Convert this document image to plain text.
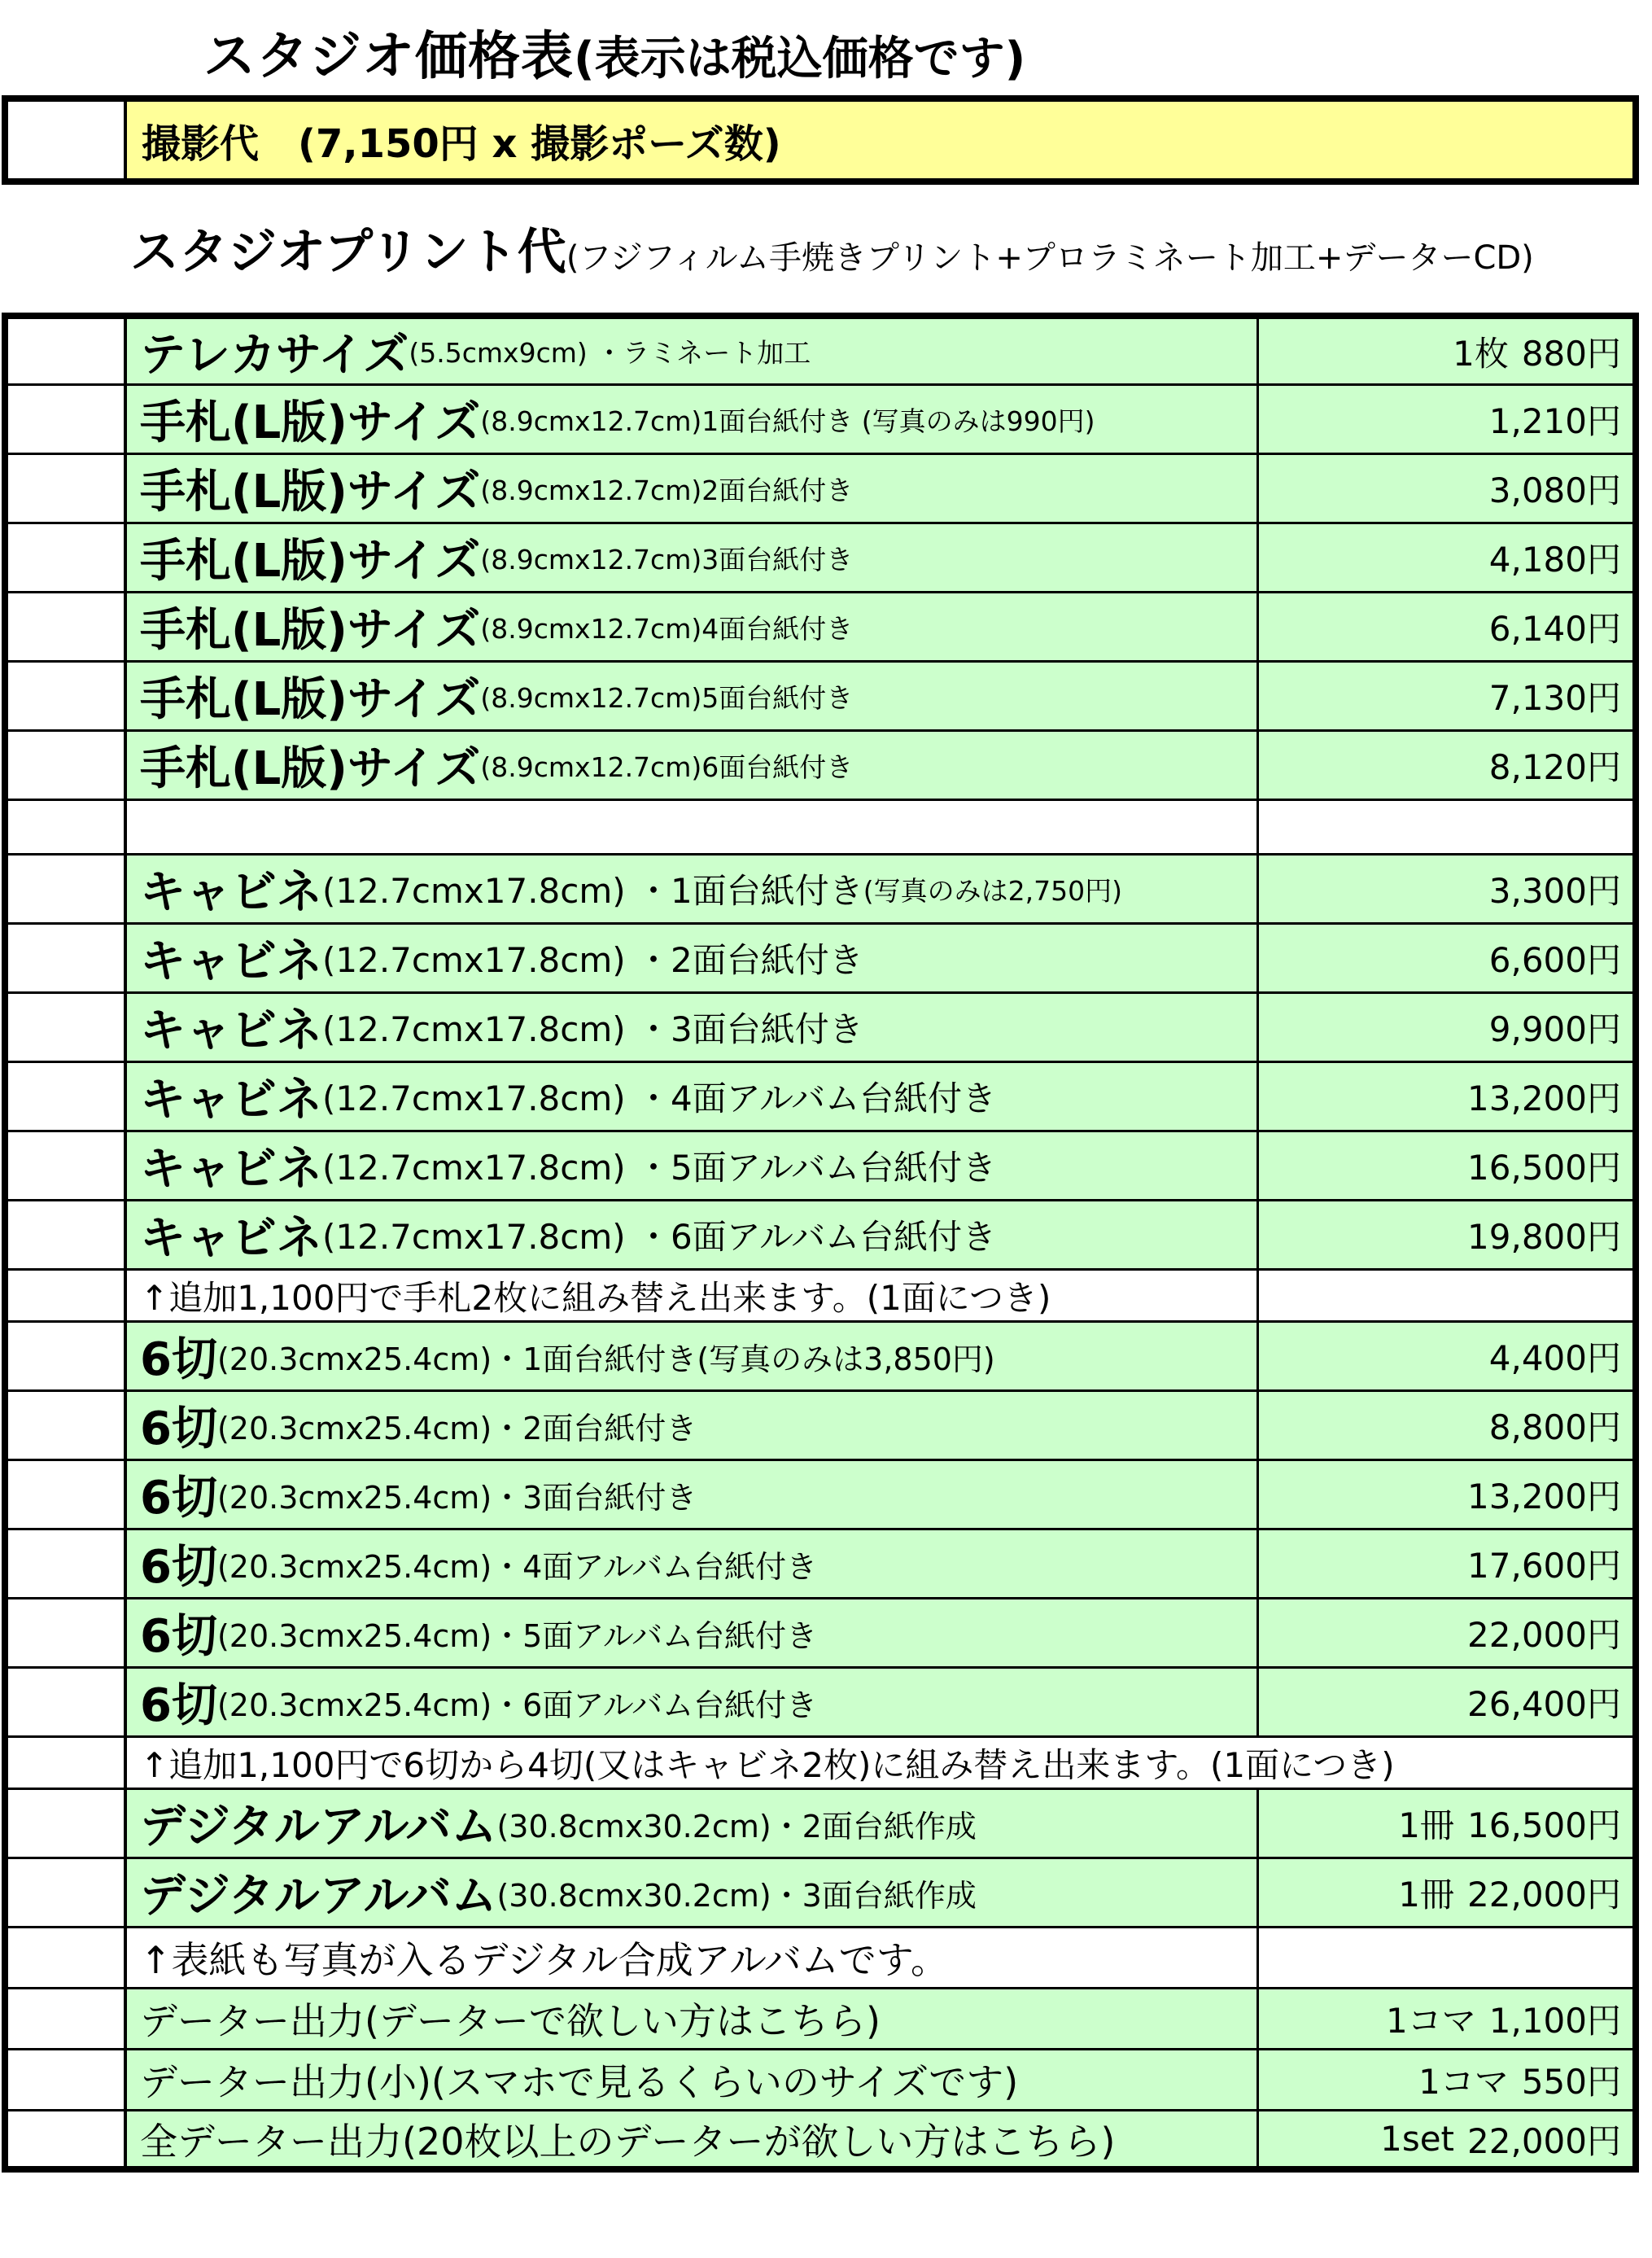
スタジオ価格表(表示は税込価格です)
撮影代　(7,150円 x 撮影ポーズ数)
スタジオプリント代(フジフィルム手焼きプリント+プロラミネート加工+データーCD)
テレカサイズ (5.5cmx9cm) ・ラミネート加工	1枚 880円
手札(L版)サイズ (8.9cmx12.7cm)1面台紙付き (写真のみは990円)	1,210円
手札(L版)サイズ (8.9cmx12.7cm)2面台紙付き	3,080円
手札(L版)サイズ (8.9cmx12.7cm)3面台紙付き	4,180円
手札(L版)サイズ (8.9cmx12.7cm)4面台紙付き	6,140円
手札(L版)サイズ (8.9cmx12.7cm)5面台紙付き	7,130円
手札(L版)サイズ (8.9cmx12.7cm)6面台紙付き	8,120円
キャビネ (12.7cmx17.8cm) ・1面台紙付き (写真のみは2,750円)	3,300円
キャビネ (12.7cmx17.8cm) ・2面台紙付き	6,600円
キャビネ (12.7cmx17.8cm) ・3面台紙付き	9,900円
キャビネ (12.7cmx17.8cm) ・4面アルバム台紙付き	13,200円
キャビネ (12.7cmx17.8cm) ・5面アルバム台紙付き	16,500円
キャビネ (12.7cmx17.8cm) ・6面アルバム台紙付き	19,800円
↑追加1,100円で手札2枚に組み替え出来ます。(1面につき)
6切 (20.3cmx25.4cm)・1面台紙付き(写真のみは3,850円)	4,400円
6切 (20.3cmx25.4cm)・2面台紙付き	8,800円
6切 (20.3cmx25.4cm)・3面台紙付き	13,200円
6切 (20.3cmx25.4cm)・4面アルバム台紙付き	17,600円
6切 (20.3cmx25.4cm)・5面アルバム台紙付き	22,000円
6切 (20.3cmx25.4cm)・6面アルバム台紙付き	26,400円
↑追加1,100円で6切から4切(又はキャビネ2枚)に組み替え出来ます。(1面につき)
デジタルアルバム (30.8cmx30.2cm)・2面台紙作成	1冊 16,500円
デジタルアルバム (30.8cmx30.2cm)・3面台紙作成	1冊 22,000円
↑表紙も写真が入るデジタル合成アルバムです。
データー出力(データーで欲しい方はこちら)	1コマ 1,100円
データー出力(小)(スマホで見るくらいのサイズです)	1コマ 550円
全データー出力(20枚以上のデーターが欲しい方はこちら)	1set 22,000円
